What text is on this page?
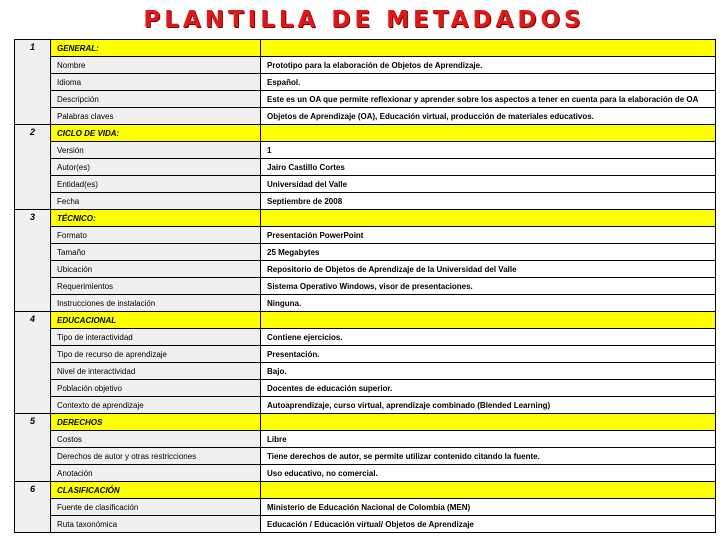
PLANTILLA DE METADADOS
1	GENERAL:	
	Nombre	Prototipo para la elaboración de Objetos de Aprendizaje.
	Idioma	Español.
	Descripción	Este es un OA que permite reflexionar y aprender sobre los aspectos a tener en cuenta para la elaboración de OA
	Palabras claves	Objetos de Aprendizaje (OA), Educación virtual, producción de materiales educativos.
2	CICLO DE VIDA:	
	Versión	1
	Autor(es)	Jairo Castillo Cortes
	Entidad(es)	Universidad del Valle
	Fecha	Septiembre de 2008
3	TÉCNICO:	
	Formato	Presentación PowerPoint
	Tamaño	25 Megabytes
	Ubicación	Repositorio de Objetos de Aprendizaje de la Universidad del Valle
	Requerimientos	Sistema Operativo Windows, visor de presentaciones.
	Instrucciones de instalación	Ninguna.
4	EDUCACIONAL	
	Tipo de interactividad	Contiene ejercicios.
	Tipo de recurso de aprendizaje	Presentación.
	Nivel de interactividad	Bajo.
	Población objetivo	Docentes de educación superior.
	Contexto de aprendizaje	Autoaprendizaje, curso virtual, aprendizaje combinado (Blended Learning)
5	DERECHOS	
	Costos	Libre
	Derechos de autor y otras restricciones	Tiene derechos de autor, se permite utilizar contenido citando la fuente.
	Anotación	Uso educativo, no comercial.
6	CLASIFICACIÓN	
	Fuente de clasificación	Ministerio de Educación Nacional de Colombia (MEN)
	Ruta taxonómica	Educación / Educación virtual/ Objetos de Aprendizaje
